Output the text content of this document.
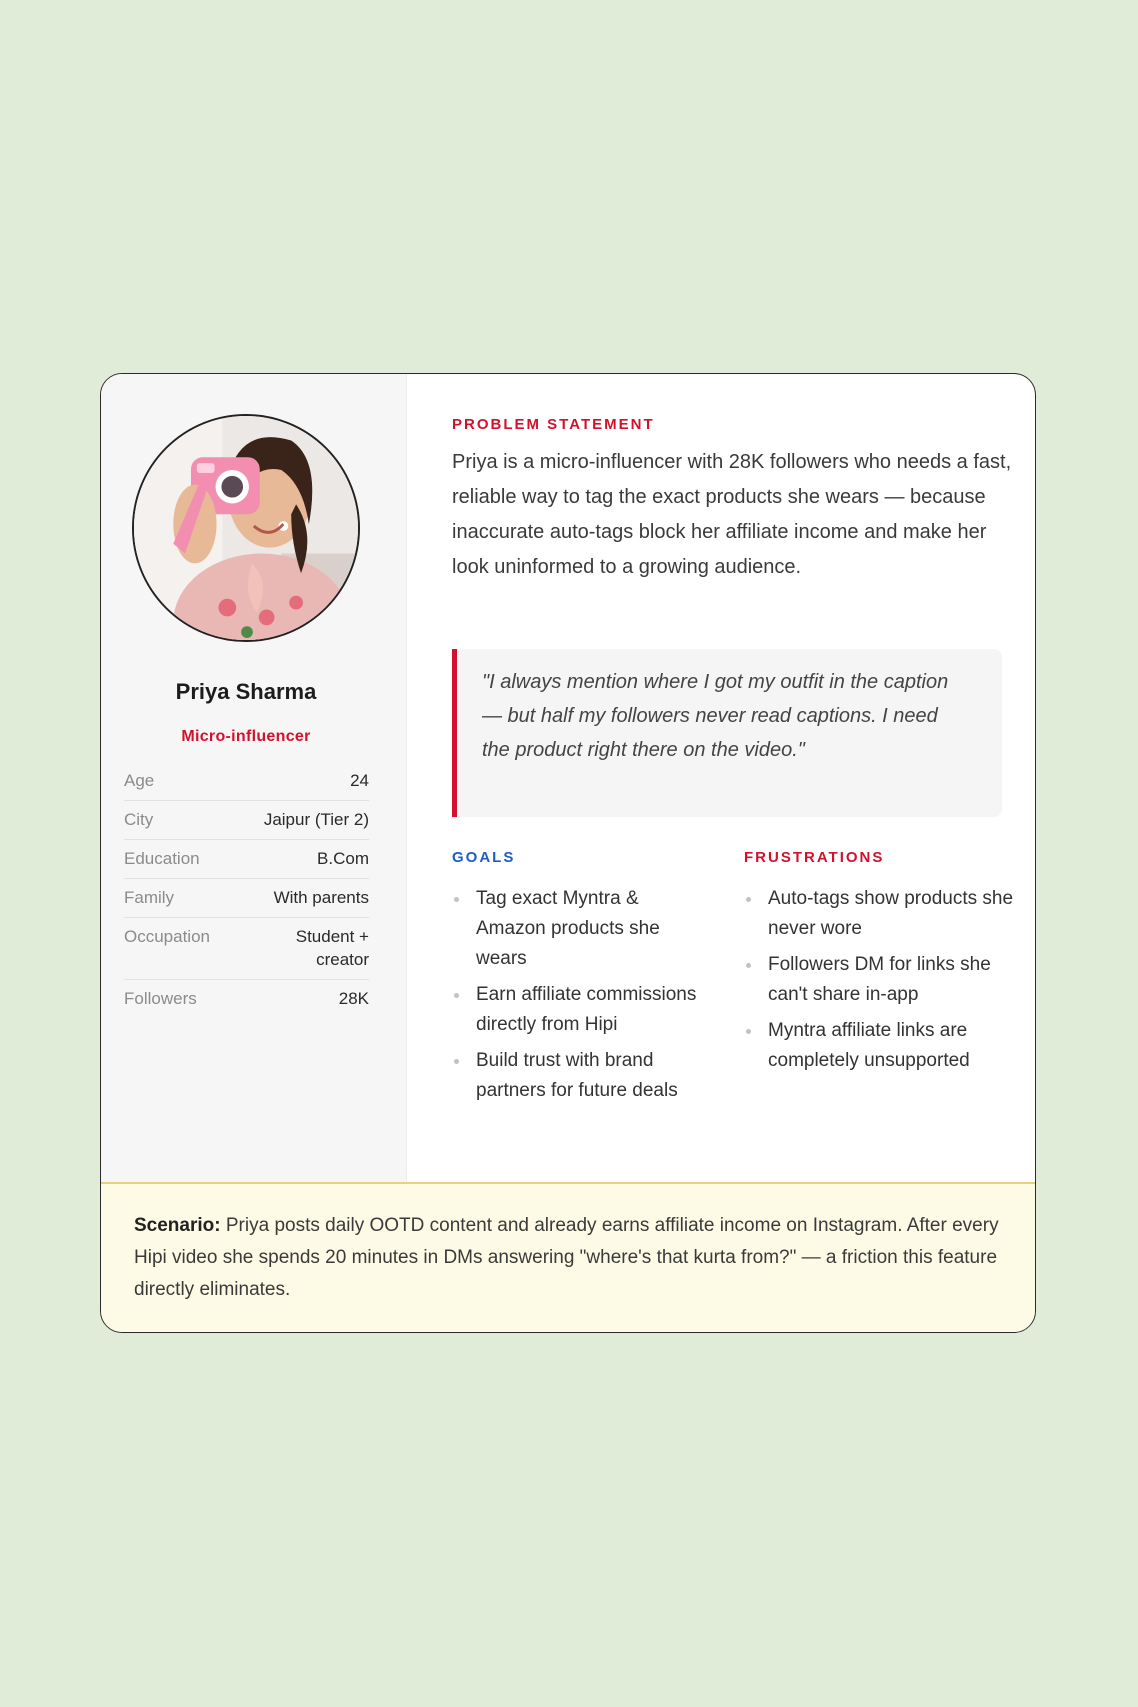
Priya Sharma
Micro-influencer
Age	24
City	Jaipur (Tier 2)
Education	B.Com
Family	With parents
Occupation	Student + creator
Followers	28K
PROBLEM STATEMENT
Priya is a micro-influencer with 28K followers who needs a fast, reliable way to tag the exact products she wears — because inaccurate auto-tags block her affiliate income and make her look uninformed to a growing audience.
"I always mention where I got my outfit in the caption — but half my followers never read captions. I need the product right there on the video."
GOALS
Tag exact Myntra & Amazon products she wears
Earn affiliate commissions directly from Hipi
Build trust with brand partners for future deals
FRUSTRATIONS
Auto-tags show products she never wore
Followers DM for links she can't share in-app
Myntra affiliate links are completely unsupported
Scenario: Priya posts daily OOTD content and already earns affiliate income on Instagram. After every Hipi video she spends 20 minutes in DMs answering "where's that kurta from?" — a friction this feature directly eliminates.
